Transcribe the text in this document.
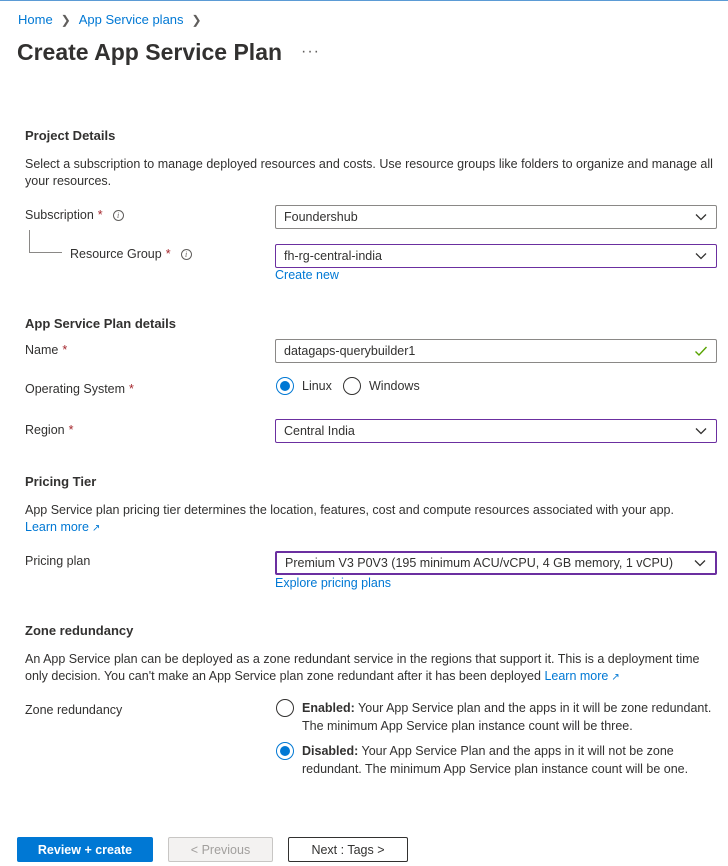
Home ❯ App Service plans ❯
Create App Service Plan ···
Project Details
Select a subscription to manage deployed resources and costs. Use resource groups like folders to organize and manage all your resources.
Subscription *	i	Foundershub
Resource Group *	i	fh-rg-central-india
Create new
App Service Plan details
Name *	datagaps-querybuilder1
Operating System *	Linux	Windows
Region *	Central India
Pricing Tier
App Service plan pricing tier determines the location, features, cost and compute resources associated with your app.
Learn more ↗
Pricing plan	Premium V3 P0V3 (195 minimum ACU/vCPU, 4 GB memory, 1 vCPU)
Explore pricing plans
Zone redundancy
An App Service plan can be deployed as a zone redundant service in the regions that support it. This is a deployment time only decision. You can't make an App Service plan zone redundant after it has been deployed Learn more ↗
Zone redundancy	Enabled: Your App Service plan and the apps in it will be zone redundant. The minimum App Service plan instance count will be three.
Disabled: Your App Service Plan and the apps in it will not be zone redundant. The minimum App Service plan instance count will be one.
Review + create	< Previous	Next : Tags >
